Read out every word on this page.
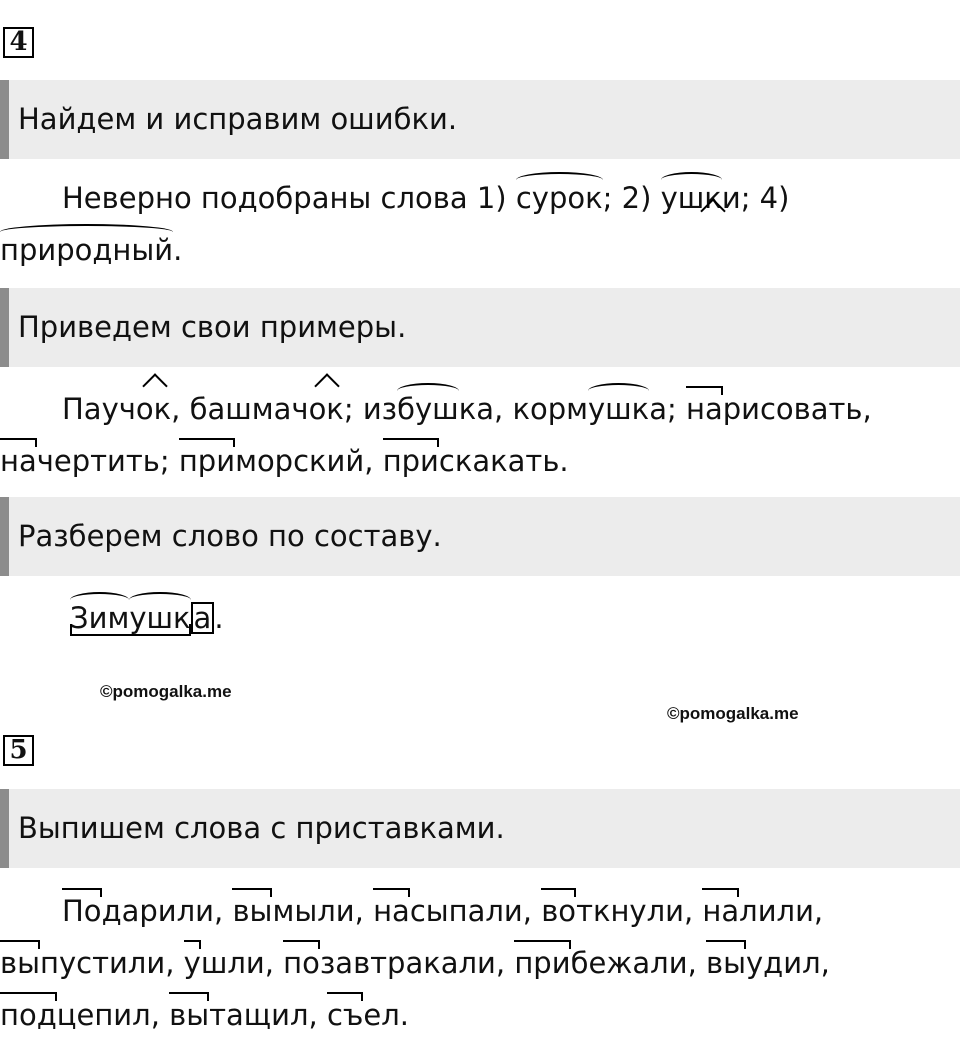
4
Найдем и исправим ошибки.
Неверно подобраны слова 1) сурок; 2) ушки; 4)
природный.
Приведем свои примеры.
Паучок, башмачок; избушка, кормушка; нарисовать,
начертить; приморский, прискакать.
Разберем слово по составу.
Зимушк а .
©pomogalka.me
©pomogalka.me
5
Выпишем слова с приставками.
Подарили, вымыли, насыпали, воткнули, налили,
выпустили, ушли, позавтракали, прибежали, выудил,
подцепил, вытащил, съел.
